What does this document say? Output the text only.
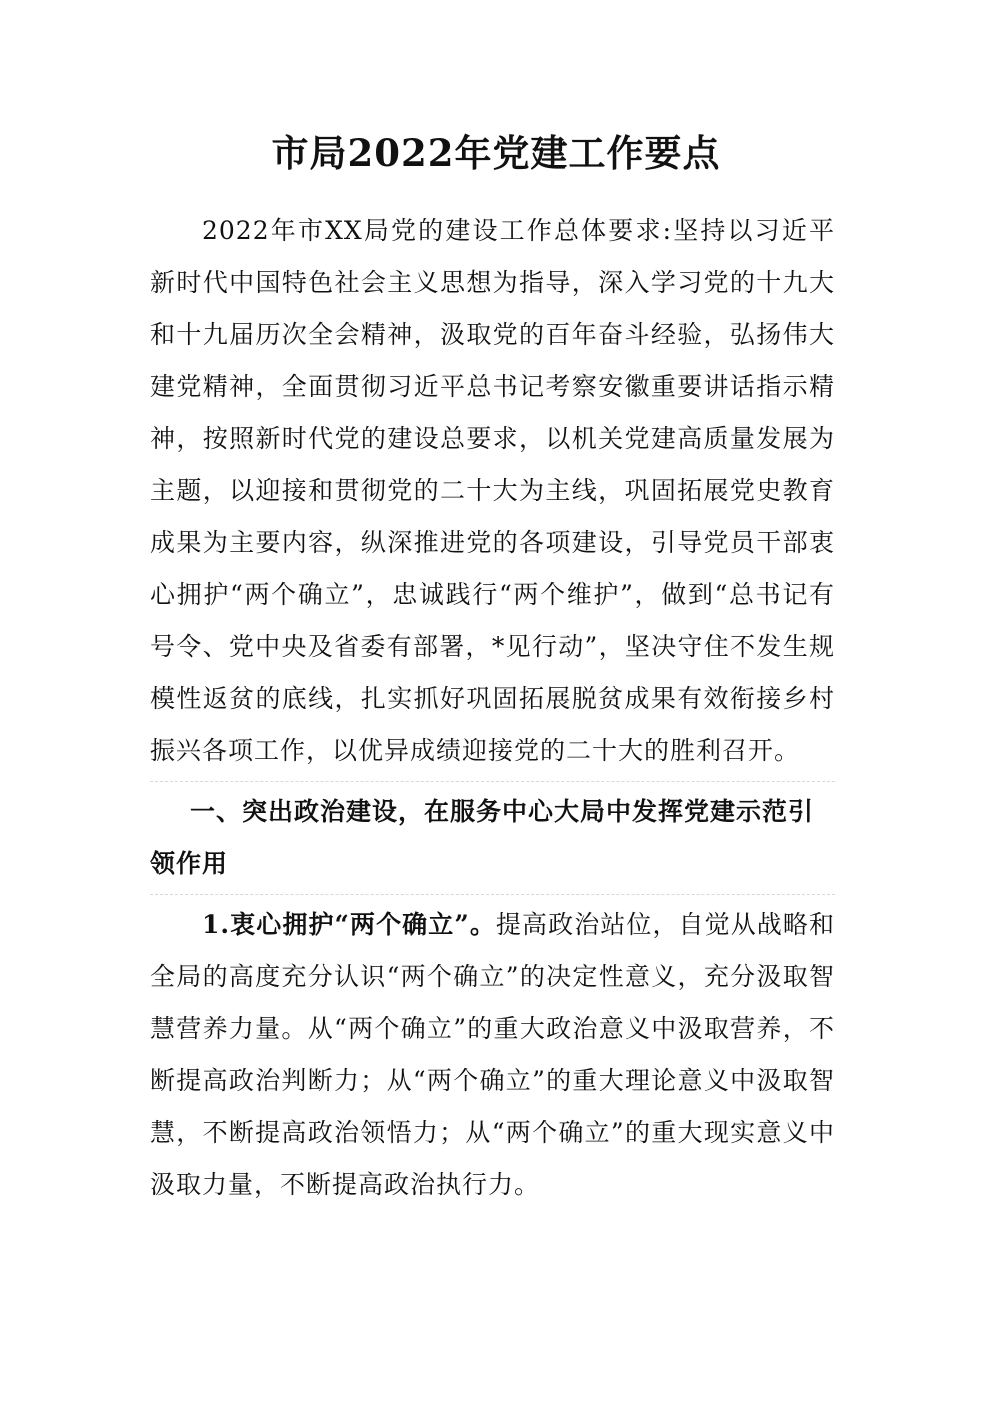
市局2022年党建工作要点

2022年市XX局党的建设工作总体要求:坚持以习近平新时代中国特色社会主义思想为指导，深入学习党的十九大和十九届历次全会精神，汲取党的百年奋斗经验，弘扬伟大建党精神，全面贯彻习近平总书记考察安徽重要讲话指示精神，按照新时代党的建设总要求，以机关党建高质量发展为主题，以迎接和贯彻党的二十大为主线，巩固拓展党史教育成果为主要内容，纵深推进党的各项建设，引导党员干部衷心拥护“两个确立”，忠诚践行“两个维护”，做到“总书记有号令、党中央及省委有部署，*见行动”，坚决守住不发生规模性返贫的底线，扎实抓好巩固拓展脱贫成果有效衔接乡村振兴各项工作，以优异成绩迎接党的二十大的胜利召开。

一、突出政治建设，在服务中心大局中发挥党建示范引领作用

1.衷心拥护“两个确立”。提高政治站位，自觉从战略和全局的高度充分认识“两个确立”的决定性意义，充分汲取智慧营养力量。从“两个确立”的重大政治意义中汲取营养，不断提高政治判断力；从“两个确立”的重大理论意义中汲取智慧，不断提高政治领悟力；从“两个确立”的重大现实意义中汲取力量，不断提高政治执行力。
